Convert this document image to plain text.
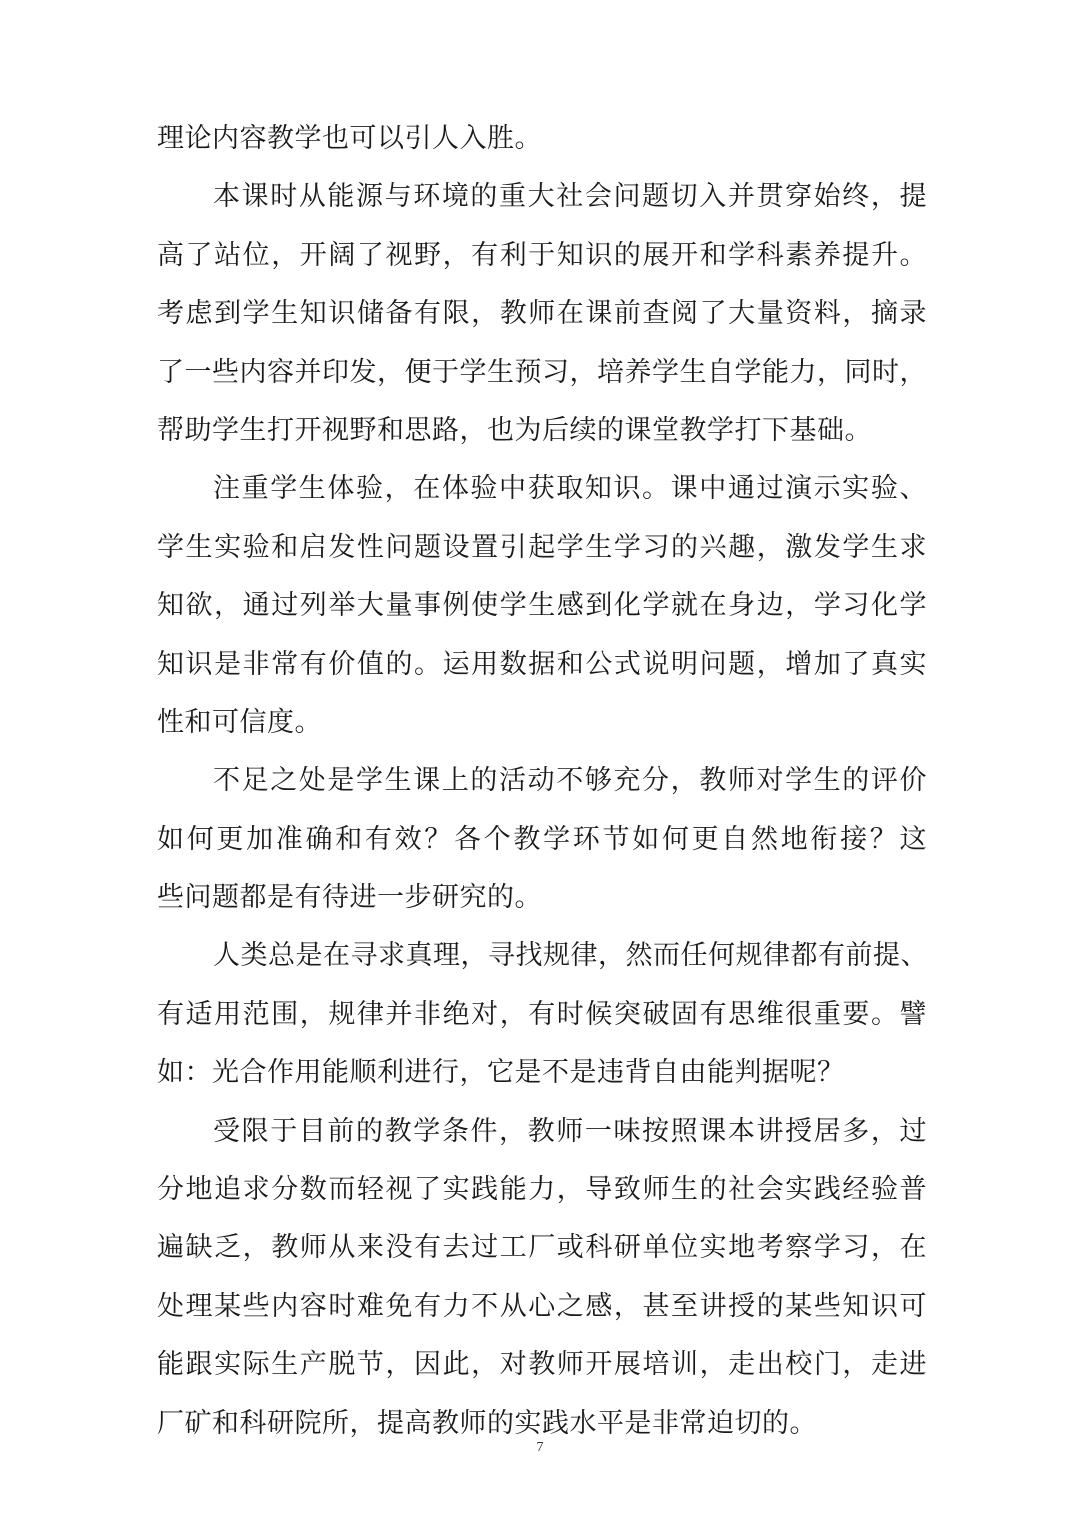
理论内容教学也可以引人入胜。
本课时从能源与环境的重大社会问题切入并贯穿始终，提
高了站位，开阔了视野，有利于知识的展开和学科素养提升。
考虑到学生知识储备有限，教师在课前查阅了大量资料，摘录
了一些内容并印发，便于学生预习，培养学生自学能力，同时，
帮助学生打开视野和思路，也为后续的课堂教学打下基础。
注重学生体验，在体验中获取知识。课中通过演示实验、
学生实验和启发性问题设置引起学生学习的兴趣，激发学生求
知欲，通过列举大量事例使学生感到化学就在身边，学习化学
知识是非常有价值的。运用数据和公式说明问题，增加了真实
性和可信度。
不足之处是学生课上的活动不够充分，教师对学生的评价
如何更加准确和有效？各个教学环节如何更自然地衔接？这
些问题都是有待进一步研究的。
人类总是在寻求真理，寻找规律，然而任何规律都有前提、
有适用范围，规律并非绝对，有时候突破固有思维很重要。譬
如：光合作用能顺利进行，它是不是违背自由能判据呢？
受限于目前的教学条件，教师一味按照课本讲授居多，过
分地追求分数而轻视了实践能力，导致师生的社会实践经验普
遍缺乏，教师从来没有去过工厂或科研单位实地考察学习，在
处理某些内容时难免有力不从心之感，甚至讲授的某些知识可
能跟实际生产脱节，因此，对教师开展培训，走出校门，走进
厂矿和科研院所，提高教师的实践水平是非常迫切的。
7
